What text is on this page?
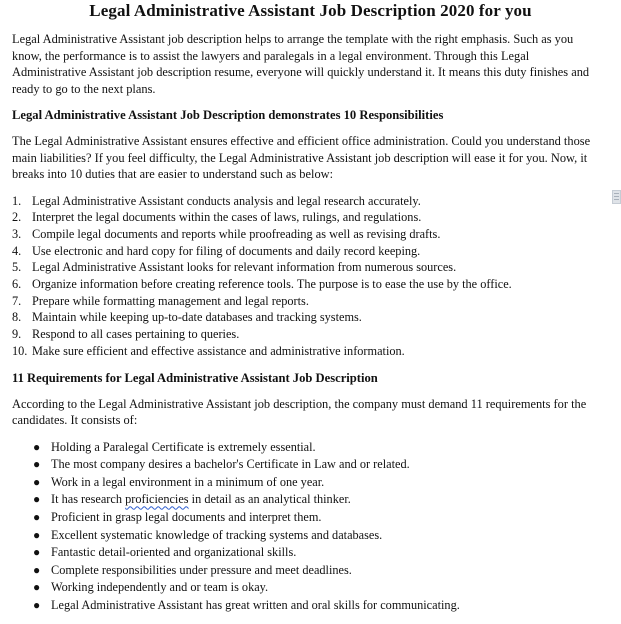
Legal Administrative Assistant Job Description 2020 for you

Legal Administrative Assistant job description helps to arrange the template with the right emphasis. Such as you know, the performance is to assist the lawyers and paralegals in a legal environment. Through this Legal Administrative Assistant job description resume, everyone will quickly understand it. It means this duty finishes and ready to go to the next plans.

Legal Administrative Assistant Job Description demonstrates 10 Responsibilities

The Legal Administrative Assistant ensures effective and efficient office administration. Could you understand those main liabilities? If you feel difficulty, the Legal Administrative Assistant job description will ease it for you. Now, it breaks into 10 duties that are easier to understand such as below:

1. Legal Administrative Assistant conducts analysis and legal research accurately.
2. Interpret the legal documents within the cases of laws, rulings, and regulations.
3. Compile legal documents and reports while proofreading as well as revising drafts.
4. Use electronic and hard copy for filing of documents and daily record keeping.
5. Legal Administrative Assistant looks for relevant information from numerous sources.
6. Organize information before creating reference tools. The purpose is to ease the use by the office.
7. Prepare while formatting management and legal reports.
8. Maintain while keeping up-to-date databases and tracking systems.
9. Respond to all cases pertaining to queries.
10. Make sure efficient and effective assistance and administrative information.
11 Requirements for Legal Administrative Assistant Job Description

According to the Legal Administrative Assistant job description, the company must demand 11 requirements for the candidates. It consists of:

● Holding a Paralegal Certificate is extremely essential.
● The most company desires a bachelor's Certificate in Law and or related.
● Work in a legal environment in a minimum of one year.
● It has research proficiencies in detail as an analytical thinker.
● Proficient in grasp legal documents and interpret them.
● Excellent systematic knowledge of tracking systems and databases.
● Fantastic detail-oriented and organizational skills.
● Complete responsibilities under pressure and meet deadlines.
● Working independently and or team is okay.
● Legal Administrative Assistant has great written and oral skills for communicating.
